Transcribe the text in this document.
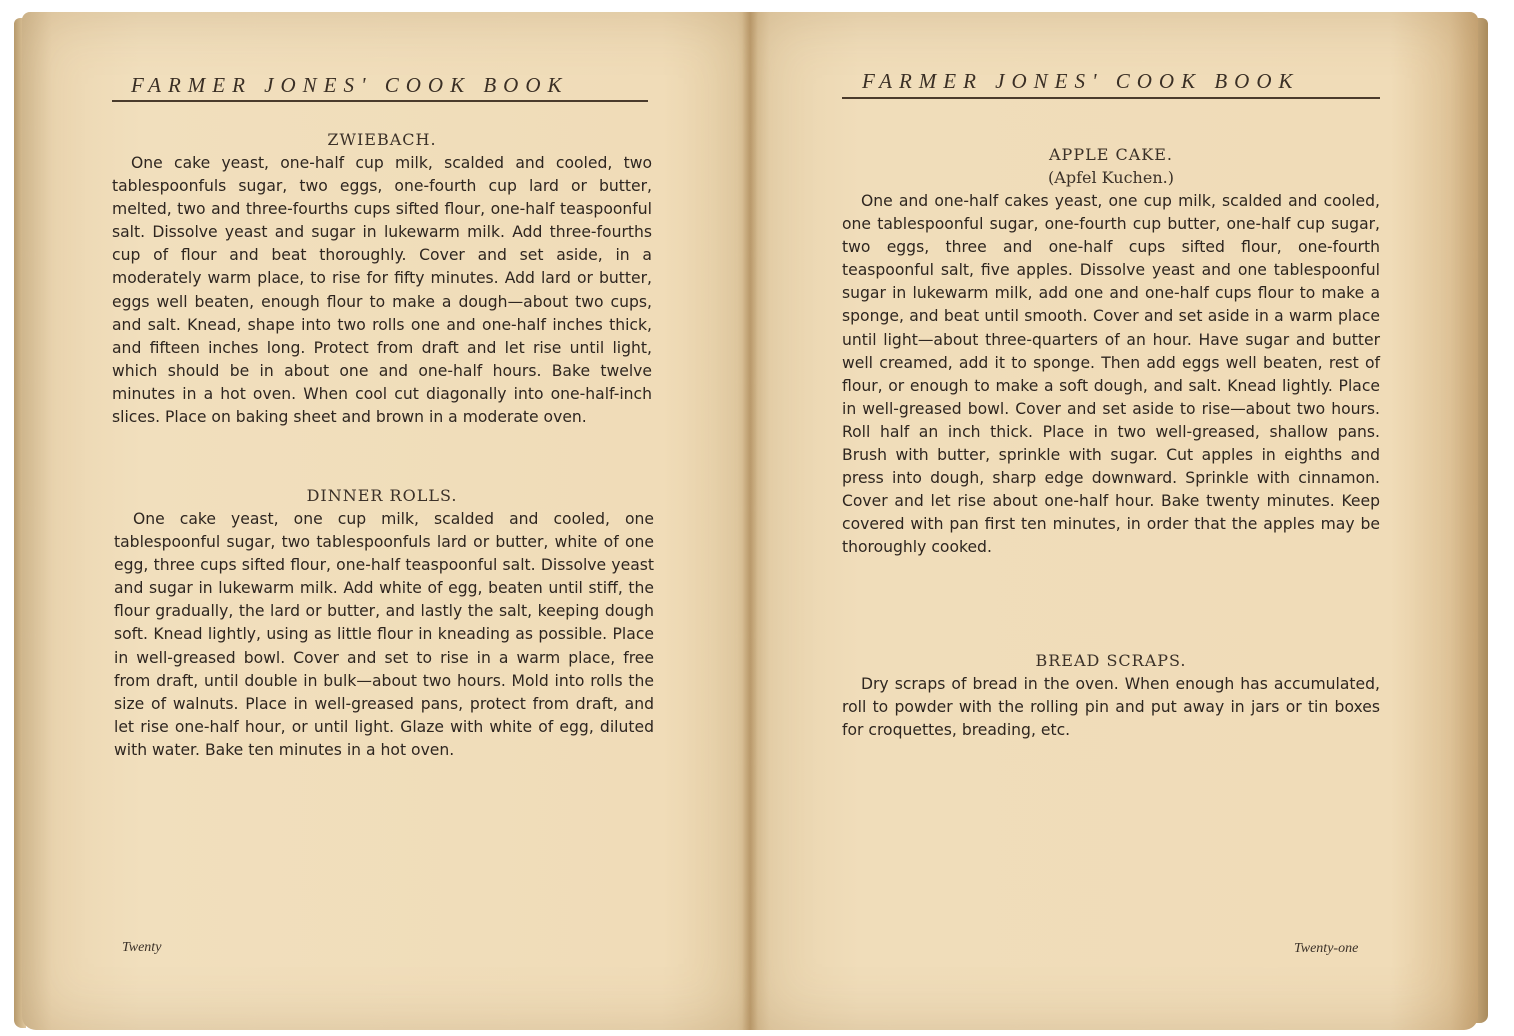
FARMER JONES' COOK BOOK
ZWIEBACH.
One cake yeast, one-half cup milk, scalded and cooled, two tablespoonfuls sugar, two eggs, one-fourth cup lard or butter, melted, two and three-fourths cups sifted flour, one-half teaspoonful salt. Dissolve yeast and sugar in lukewarm milk. Add three-fourths cup of flour and beat thoroughly. Cover and set aside, in a moderately warm place, to rise for fifty minutes. Add lard or butter, eggs well beaten, enough flour to make a dough—about two cups, and salt. Knead, shape into two rolls one and one-half inches thick, and fifteen inches long. Protect from draft and let rise until light, which should be in about one and one-half hours. Bake twelve minutes in a hot oven. When cool cut diagonally into one-half-inch slices. Place on baking sheet and brown in a moderate oven.
DINNER ROLLS.
One cake yeast, one cup milk, scalded and cooled, one tablespoonful sugar, two tablespoonfuls lard or butter, white of one egg, three cups sifted flour, one-half teaspoonful salt. Dissolve yeast and sugar in lukewarm milk. Add white of egg, beaten until stiff, the flour gradually, the lard or butter, and lastly the salt, keeping dough soft. Knead lightly, using as little flour in kneading as possible. Place in well-greased bowl. Cover and set to rise in a warm place, free from draft, until double in bulk—about two hours. Mold into rolls the size of walnuts. Place in well-greased pans, protect from draft, and let rise one-half hour, or until light. Glaze with white of egg, diluted with water. Bake ten minutes in a hot oven.
Twenty
FARMER JONES' COOK BOOK
APPLE CAKE.
(Apfel Kuchen.)
One and one-half cakes yeast, one cup milk, scalded and cooled, one tablespoonful sugar, one-fourth cup butter, one-half cup sugar, two eggs, three and one-half cups sifted flour, one-fourth teaspoonful salt, five apples. Dissolve yeast and one tablespoonful sugar in lukewarm milk, add one and one-half cups flour to make a sponge, and beat until smooth. Cover and set aside in a warm place until light—about three-quarters of an hour. Have sugar and butter well creamed, add it to sponge. Then add eggs well beaten, rest of flour, or enough to make a soft dough, and salt. Knead lightly. Place in well-greased bowl. Cover and set aside to rise—about two hours. Roll half an inch thick. Place in two well-greased, shallow pans. Brush with butter, sprinkle with sugar. Cut apples in eighths and press into dough, sharp edge downward. Sprinkle with cinnamon. Cover and let rise about one-half hour. Bake twenty minutes. Keep covered with pan first ten minutes, in order that the apples may be thoroughly cooked.
BREAD SCRAPS.
Dry scraps of bread in the oven. When enough has accumulated, roll to powder with the rolling pin and put away in jars or tin boxes for croquettes, breading, etc.
Twenty-one
